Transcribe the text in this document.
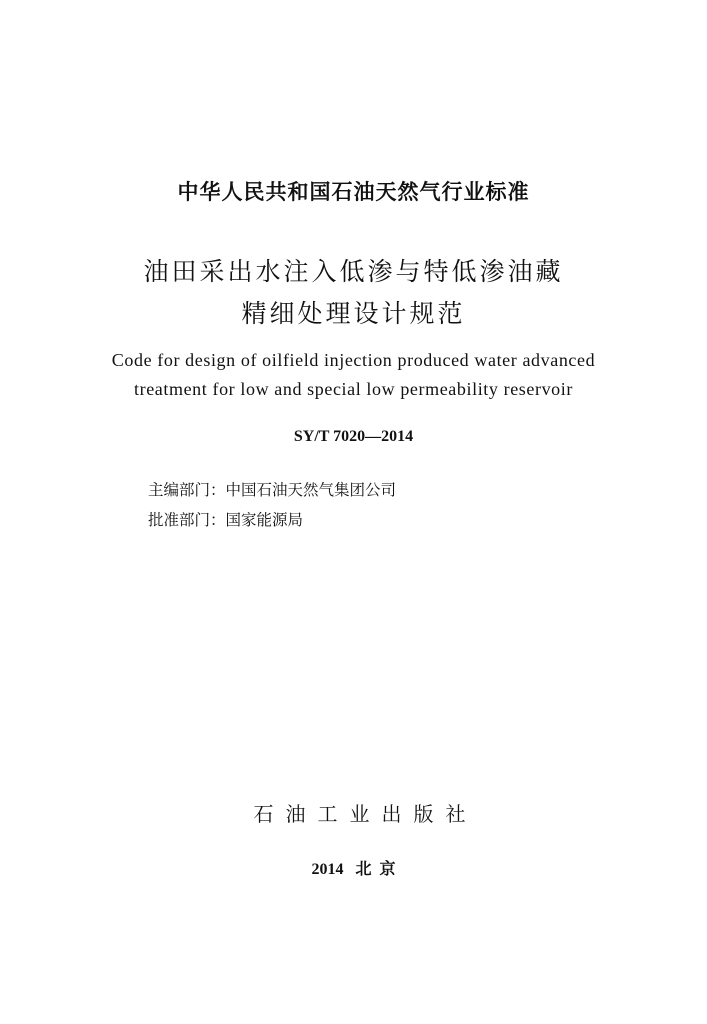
中华人民共和国石油天然气行业标准
油田采出水注入低渗与特低渗油藏
精细处理设计规范
Code for design of oilfield injection produced water advanced
treatment for low and special low permeability reservoir
SY/T 7020—2014
主编部门：中国石油天然气集团公司
批准部门：国家能源局
石油工业出版社
2014   北  京
